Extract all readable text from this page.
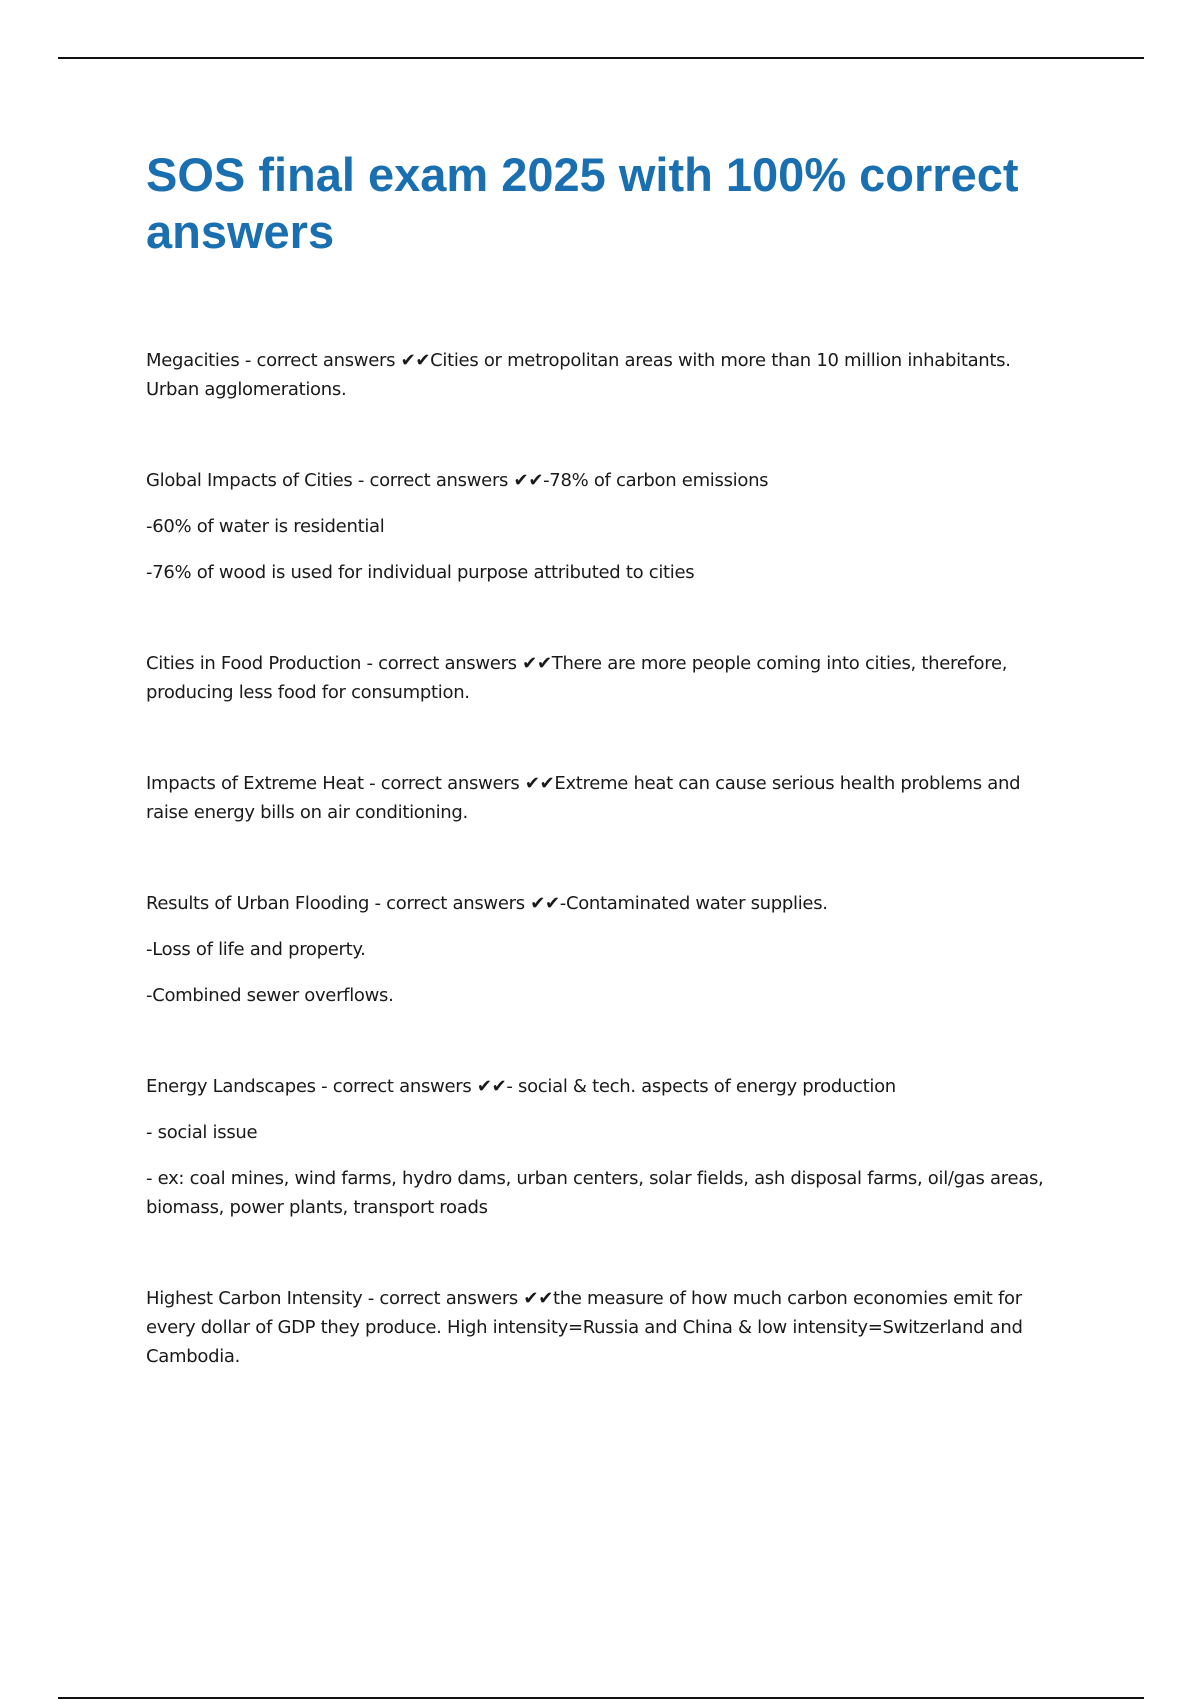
SOS final exam 2025 with 100% correct answers

Megacities - correct answers ✔✔Cities or metropolitan areas with more than 10 million inhabitants. Urban agglomerations.

Global Impacts of Cities - correct answers ✔✔-78% of carbon emissions

-60% of water is residential

-76% of wood is used for individual purpose attributed to cities

Cities in Food Production - correct answers ✔✔There are more people coming into cities, therefore, producing less food for consumption.

Impacts of Extreme Heat - correct answers ✔✔Extreme heat can cause serious health problems and raise energy bills on air conditioning.

Results of Urban Flooding - correct answers ✔✔-Contaminated water supplies.

-Loss of life and property.

-Combined sewer overflows.

Energy Landscapes - correct answers ✔✔- social & tech. aspects of energy production

- social issue

- ex: coal mines, wind farms, hydro dams, urban centers, solar fields, ash disposal farms, oil/gas areas, biomass, power plants, transport roads

Highest Carbon Intensity - correct answers ✔✔the measure of how much carbon economies emit for every dollar of GDP they produce. High intensity=Russia and China & low intensity=Switzerland and Cambodia.
